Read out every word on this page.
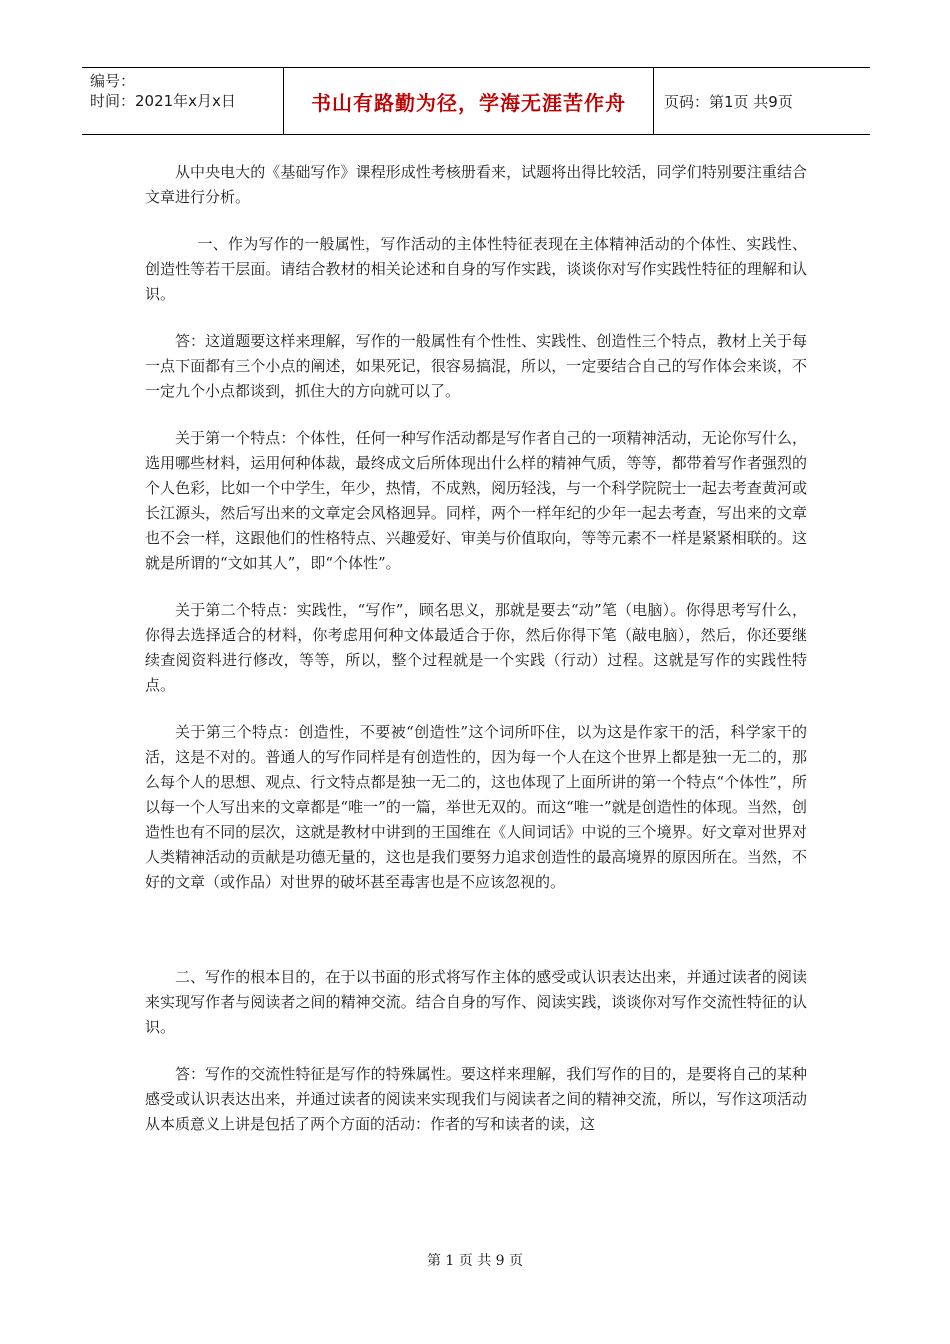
编号：
时间：2021年x月x日	书山有路勤为径，学海无涯苦作舟	页码：第1页 共9页

从中央电大的《基础写作》课程形成性考核册看来，试题将出得比较活，同学们特别要注重结合文章进行分析。

一、作为写作的一般属性，写作活动的主体性特征表现在主体精神活动的个体性、实践性、创造性等若干层面。请结合教材的相关论述和自身的写作实践，谈谈你对写作实践性特征的理解和认识。

答：这道题要这样来理解，写作的一般属性有个性性、实践性、创造性三个特点，教材上关于每一点下面都有三个小点的阐述，如果死记，很容易搞混，所以，一定要结合自己的写作体会来谈，不一定九个小点都谈到，抓住大的方向就可以了。

关于第一个特点：个体性，任何一种写作活动都是写作者自己的一项精神活动，无论你写什么，选用哪些材料，运用何种体裁，最终成文后所体现出什么样的精神气质，等等，都带着写作者强烈的个人色彩，比如一个中学生，年少，热情，不成熟，阅历轻浅，与一个科学院院士一起去考查黄河或长江源头，然后写出来的文章定会风格迥异。同样，两个一样年纪的少年一起去考查，写出来的文章也不会一样，这跟他们的性格特点、兴趣爱好、审美与价值取向，等等元素不一样是紧紧相联的。这就是所谓的“文如其人”，即“个体性”。

关于第二个特点：实践性，“写作”，顾名思义，那就是要去“动”笔（电脑）。你得思考写什么，你得去选择适合的材料，你考虑用何种文体最适合于你，然后你得下笔（敲电脑），然后，你还要继续查阅资料进行修改，等等，所以，整个过程就是一个实践（行动）过程。这就是写作的实践性特点。

关于第三个特点：创造性，不要被“创造性”这个词所吓住，以为这是作家干的活，科学家干的活，这是不对的。普通人的写作同样是有创造性的，因为每一个人在这个世界上都是独一无二的，那么每个人的思想、观点、行文特点都是独一无二的，这也体现了上面所讲的第一个特点“个体性”，所以每一个人写出来的文章都是“唯一”的一篇，举世无双的。而这“唯一”就是创造性的体现。当然，创造性也有不同的层次，这就是教材中讲到的王国维在《人间词话》中说的三个境界。好文章对世界对人类精神活动的贡献是功德无量的，这也是我们要努力追求创造性的最高境界的原因所在。当然，不好的文章（或作品）对世界的破坏甚至毒害也是不应该忽视的。

二、写作的根本目的，在于以书面的形式将写作主体的感受或认识表达出来，并通过读者的阅读来实现写作者与阅读者之间的精神交流。结合自身的写作、阅读实践，谈谈你对写作交流性特征的认识。

答：写作的交流性特征是写作的特殊属性。要这样来理解，我们写作的目的，是要将自己的某种感受或认识表达出来，并通过读者的阅读来实现我们与阅读者之间的精神交流，所以，写作这项活动从本质意义上讲是包括了两个方面的活动：作者的写和读者的读，这

第 1 页 共 9 页
